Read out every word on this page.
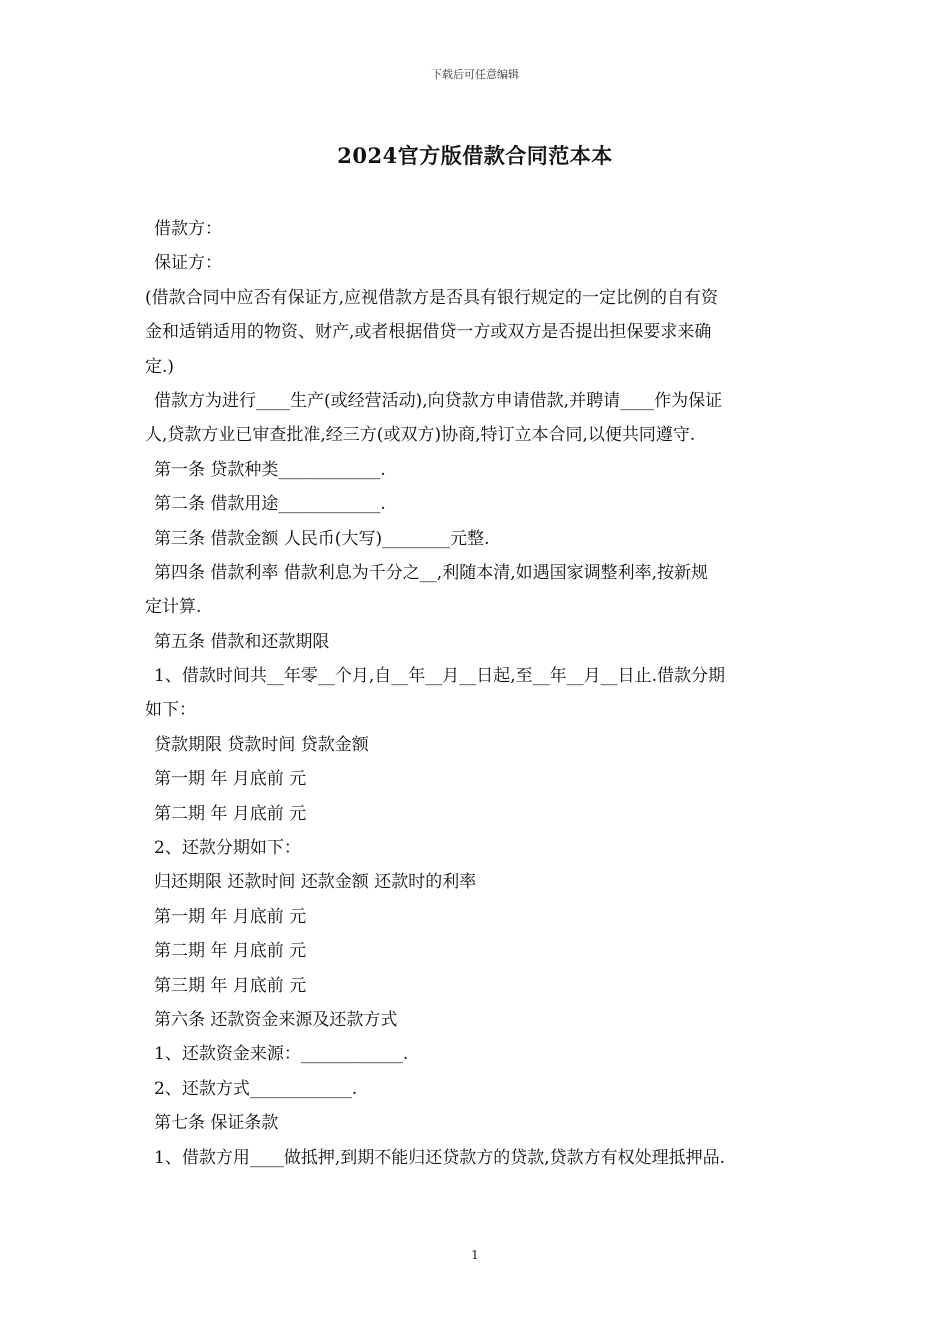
下载后可任意编辑
2024官方版借款合同范本本
借款方：
保证方：
(借款合同中应否有保证方,应视借款方是否具有银行规定的一定比例的自有资
金和适销适用的物资、财产,或者根据借贷一方或双方是否提出担保要求来确
定.)
借款方为进行____生产(或经营活动),向贷款方申请借款,并聘请____作为保证
人,贷款方业已审查批准,经三方(或双方)协商,特订立本合同,以便共同遵守.
第一条 贷款种类____________.
第二条 借款用途____________.
第三条 借款金额 人民币(大写)________元整.
第四条 借款利率 借款利息为千分之__,利随本清,如遇国家调整利率,按新规
定计算.
第五条 借款和还款期限
1、借款时间共__年零__个月,自__年__月__日起,至__年__月__日止.借款分期
如下：
贷款期限 贷款时间 贷款金额
第一期 年 月底前 元
第二期 年 月底前 元
2、还款分期如下：
归还期限 还款时间 还款金额 还款时的利率
第一期 年 月底前 元
第二期 年 月底前 元
第三期 年 月底前 元
第六条 还款资金来源及还款方式
1、还款资金来源：____________.
2、还款方式____________.
第七条 保证条款
1、借款方用____做抵押,到期不能归还贷款方的贷款,贷款方有权处理抵押品.
1
